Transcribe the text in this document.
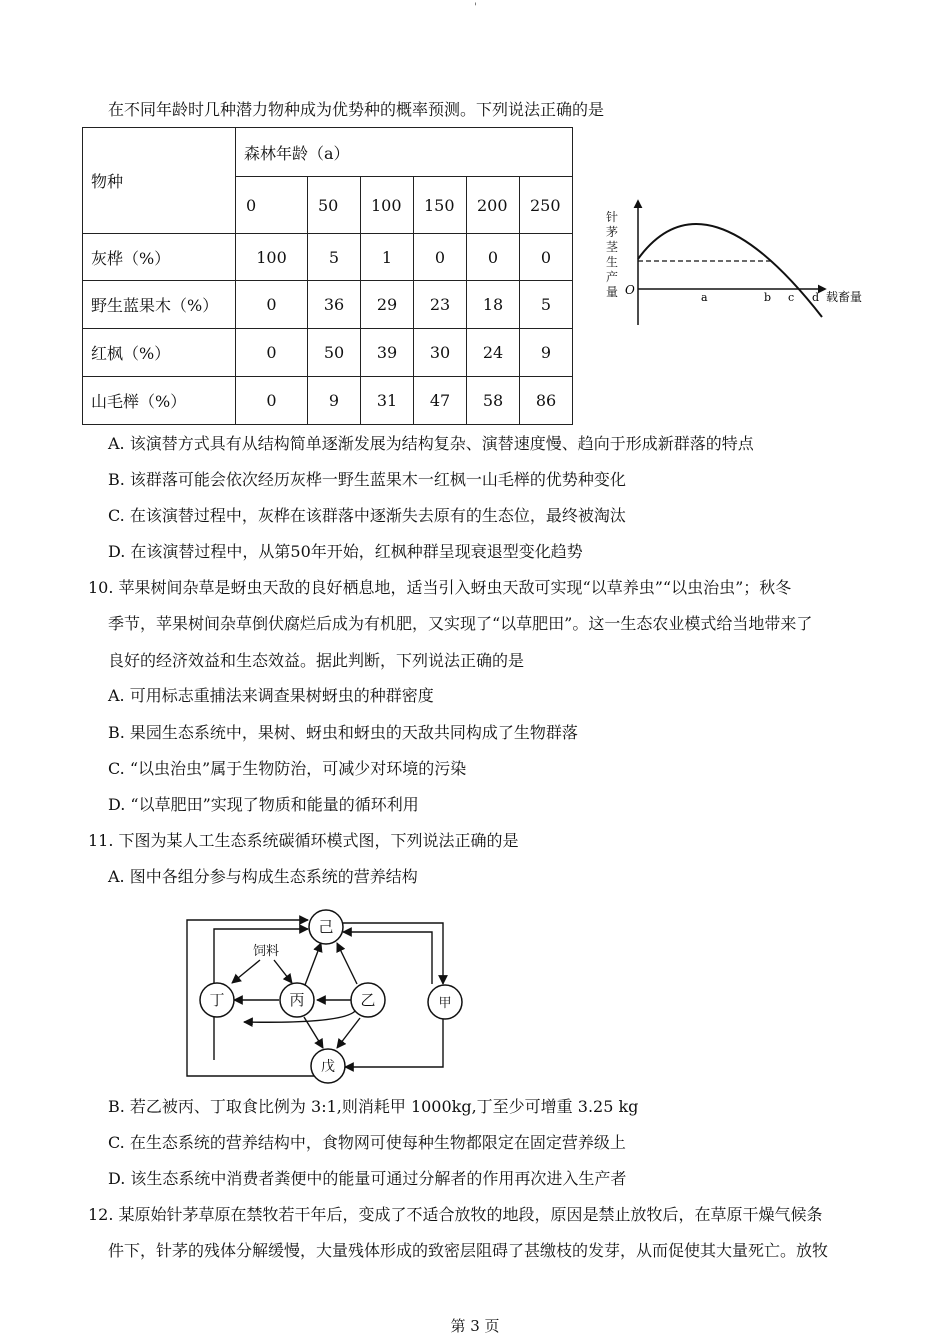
'
在不同年龄时几种潜力物种成为优势种的概率预测。下列说法正确的是
物种	森林年龄（a）					
	0	50	100	150	200	250
灰桦（%）	100	5	1	0	0	0
野生蓝果木（%）	0	36	29	23	18	5
红枫（%）	0	50	39	30	24	9
山毛榉（%）	0	9	31	47	58	86
针
茅
茎
生
产
量 O
a	b c d 载畜量
A. 该演替方式具有从结构简单逐渐发展为结构复杂、演替速度慢、趋向于形成新群落的特点
B. 该群落可能会依次经历灰桦一野生蓝果木一红枫一山毛榉的优势种变化
C. 在该演替过程中，灰桦在该群落中逐渐失去原有的生态位，最终被淘汰
D. 在该演替过程中，从第50年开始，红枫种群呈现衰退型变化趋势
10. 苹果树间杂草是蚜虫天敌的良好栖息地，适当引入蚜虫天敌可实现“以草养虫”“以虫治虫”；秋冬
季节，苹果树间杂草倒伏腐烂后成为有机肥，又实现了“以草肥田”。这一生态农业模式给当地带来了
良好的经济效益和生态效益。据此判断，下列说法正确的是
A. 可用标志重捕法来调查果树蚜虫的种群密度
B. 果园生态系统中，果树、蚜虫和蚜虫的天敌共同构成了生物群落
C. “以虫治虫”属于生物防治，可减少对环境的污染
D. “以草肥田”实现了物质和能量的循环利用
11. 下图为某人工生态系统碳循环模式图，下列说法正确的是
A. 图中各组分参与构成生态系统的营养结构
己
丁	丙	乙	甲
戊
饲料
B. 若乙被丙、丁取食比例为 3:1,则消耗甲 1000kg,丁至少可增重 3.25 kg
C. 在生态系统的营养结构中，食物网可使每种生物都限定在固定营养级上
D. 该生态系统中消费者粪便中的能量可通过分解者的作用再次进入生产者
12. 某原始针茅草原在禁牧若干年后，变成了不适合放牧的地段，原因是禁止放牧后，在草原干燥气候条
件下，针茅的残体分解缓慢，大量残体形成的致密层阻碍了甚缴枝的发芽，从而促使其大量死亡。放牧
第 3 页
